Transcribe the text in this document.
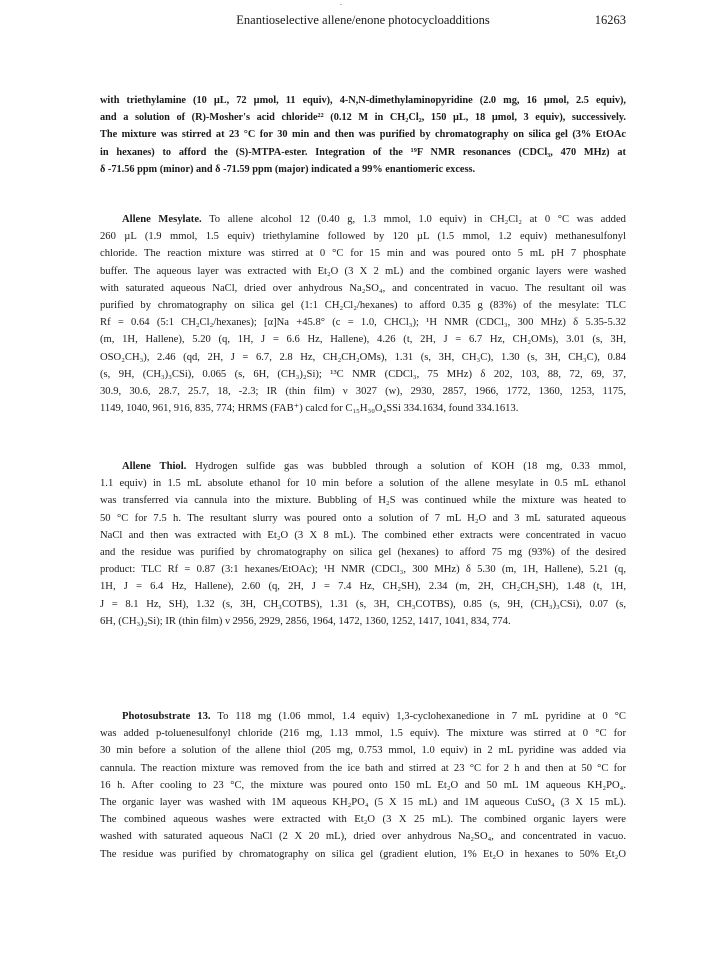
Enantioselective allene/enone photocycloadditions	16263

with triethylamine (10 µL, 72 µmol, 11 equiv), 4-N,N-dimethylaminopyridine (2.0 mg, 16 µmol, 2.5 equiv),
and a solution of (R)-Mosher's acid chloride²² (0.12 M in CH₂Cl₂, 150 µL, 18 µmol, 3 equiv), successively.
The mixture was stirred at 23 °C for 30 min and then was purified by chromatography on silica gel (3% EtOAc
in hexanes) to afford the (S)-MTPA-ester. Integration of the ¹⁹F NMR resonances (CDCl₃, 470 MHz) at
δ -71.56 ppm (minor) and δ -71.59 ppm (major) indicated a 99% enantiomeric excess.

Allene Mesylate. To allene alcohol 12 (0.40 g, 1.3 mmol, 1.0 equiv) in CH₂Cl₂ at 0 °C was added
260 µL (1.9 mmol, 1.5 equiv) triethylamine followed by 120 µL (1.5 mmol, 1.2 equiv) methanesulfonyl
chloride. The reaction mixture was stirred at 0 °C for 15 min and was poured onto 5 mL pH 7 phosphate
buffer. The aqueous layer was extracted with Et₂O (3 X 2 mL) and the combined organic layers were washed
with saturated aqueous NaCl, dried over anhydrous Na₂SO₄, and concentrated in vacuo. The resultant oil was
purified by chromatography on silica gel (1:1 CH₂Cl₂/hexanes) to afford 0.35 g (83%) of the mesylate: TLC
Rf = 0.64 (5:1 CH₂Cl₂/hexanes); [α]Na +45.8° (c = 1.0, CHCl₃); ¹H NMR (CDCl₃, 300 MHz) δ 5.35-5.32
(m, 1H, Hallene), 5.20 (q, 1H, J = 6.6 Hz, Hallene), 4.26 (t, 2H, J = 6.7 Hz, CH₂OMs), 3.01 (s, 3H,
OSO₂CH₃), 2.46 (qd, 2H, J = 6.7, 2.8 Hz, CH₂CH₂OMs), 1.31 (s, 3H, CH₃C), 1.30 (s, 3H, CH₃C), 0.84
(s, 9H, (CH₃)₃CSi), 0.065 (s, 6H, (CH₃)₂Si); ¹³C NMR (CDCl₃, 75 MHz) δ 202, 103, 88, 72, 69, 37,
30.9, 30.6, 28.7, 25.7, 18, -2.3; IR (thin film) ν 3027 (w), 2930, 2857, 1966, 1772, 1360, 1253, 1175,
1149, 1040, 961, 916, 835, 774; HRMS (FAB⁺) calcd for C₁₅H₃₀O₄SSi 334.1634, found 334.1613.

Allene Thiol. Hydrogen sulfide gas was bubbled through a solution of KOH (18 mg, 0.33 mmol,
1.1 equiv) in 1.5 mL absolute ethanol for 10 min before a solution of the allene mesylate in 0.5 mL ethanol
was transferred via cannula into the mixture. Bubbling of H₂S was continued while the mixture was heated to
50 °C for 7.5 h. The resultant slurry was poured onto a solution of 7 mL H₂O and 3 mL saturated aqueous
NaCl and then was extracted with Et₂O (3 X 8 mL). The combined ether extracts were concentrated in vacuo
and the residue was purified by chromatography on silica gel (hexanes) to afford 75 mg (93%) of the desired
product: TLC Rf = 0.87 (3:1 hexanes/EtOAc); ¹H NMR (CDCl₃, 300 MHz) δ 5.30 (m, 1H, Hallene), 5.21 (q,
1H, J = 6.4 Hz, Hallene), 2.60 (q, 2H, J = 7.4 Hz, CH₂SH), 2.34 (m, 2H, CH₂CH₂SH), 1.48 (t, 1H,
J = 8.1 Hz, SH), 1.32 (s, 3H, CH₃COTBS), 1.31 (s, 3H, CH₃COTBS), 0.85 (s, 9H, (CH₃)₃CSi), 0.07 (s,
6H, (CH₃)₂Si); IR (thin film) ν 2956, 2929, 2856, 1964, 1472, 1360, 1252, 1417, 1041, 834, 774.

Photosubstrate 13. To 118 mg (1.06 mmol, 1.4 equiv) 1,3-cyclohexanedione in 7 mL pyridine at 0 °C
was added p-toluenesulfonyl chloride (216 mg, 1.13 mmol, 1.5 equiv). The mixture was stirred at 0 °C for
30 min before a solution of the allene thiol (205 mg, 0.753 mmol, 1.0 equiv) in 2 mL pyridine was added via
cannula. The reaction mixture was removed from the ice bath and stirred at 23 °C for 2 h and then at 50 °C for
16 h. After cooling to 23 °C, the mixture was poured onto 150 mL Et₂O and 50 mL 1M aqueous KH₂PO₄.
The organic layer was washed with 1M aqueous KH₂PO₄ (5 X 15 mL) and 1M aqueous CuSO₄ (3 X 15 mL).
The combined aqueous washes were extracted with Et₂O (3 X 25 mL). The combined organic layers were
washed with saturated aqueous NaCl (2 X 20 mL), dried over anhydrous Na₂SO₄, and concentrated in vacuo.
The residue was purified by chromatography on silica gel (gradient elution, 1% Et₂O in hexanes to 50% Et₂O
